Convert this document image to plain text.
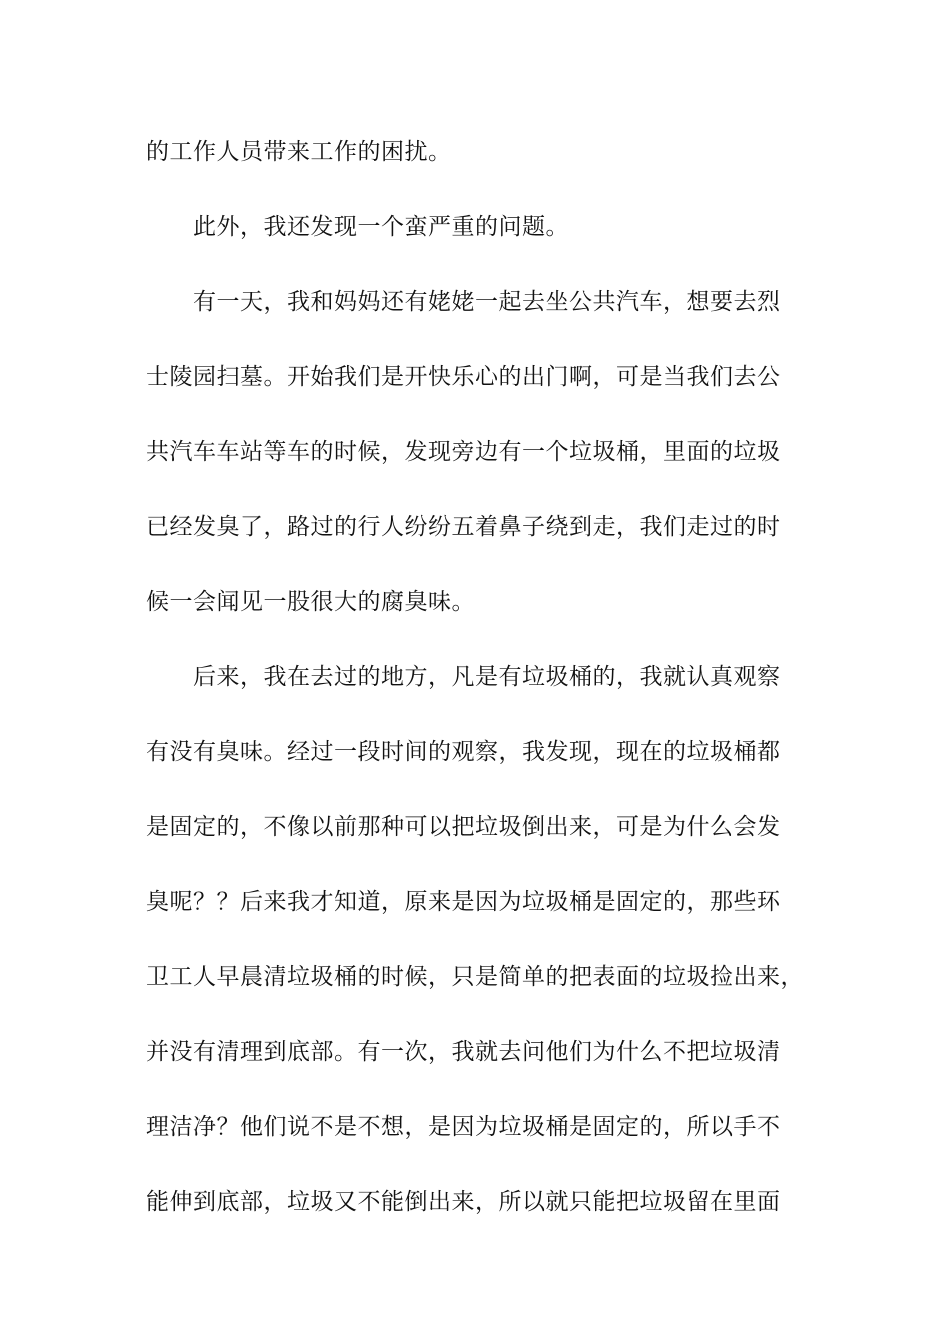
的工作人员带来工作的困扰。
此外，我还发现一个蛮严重的问题。
有一天，我和妈妈还有姥姥一起去坐公共汽车，想要去烈
士陵园扫墓。开始我们是开快乐心的出门啊，可是当我们去公
共汽车车站等车的时候，发现旁边有一个垃圾桶，里面的垃圾
已经发臭了，路过的行人纷纷五着鼻子绕到走，我们走过的时
候一会闻见一股很大的腐臭味。
后来，我在去过的地方，凡是有垃圾桶的，我就认真观察
有没有臭味。经过一段时间的观察，我发现，现在的垃圾桶都
是固定的，不像以前那种可以把垃圾倒出来，可是为什么会发
臭呢？？后来我才知道，原来是因为垃圾桶是固定的，那些环
卫工人早晨清垃圾桶的时候，只是简单的把表面的垃圾捡出来，
并没有清理到底部。有一次，我就去问他们为什么不把垃圾清
理洁净？他们说不是不想，是因为垃圾桶是固定的，所以手不
能伸到底部，垃圾又不能倒出来，所以就只能把垃圾留在里面
